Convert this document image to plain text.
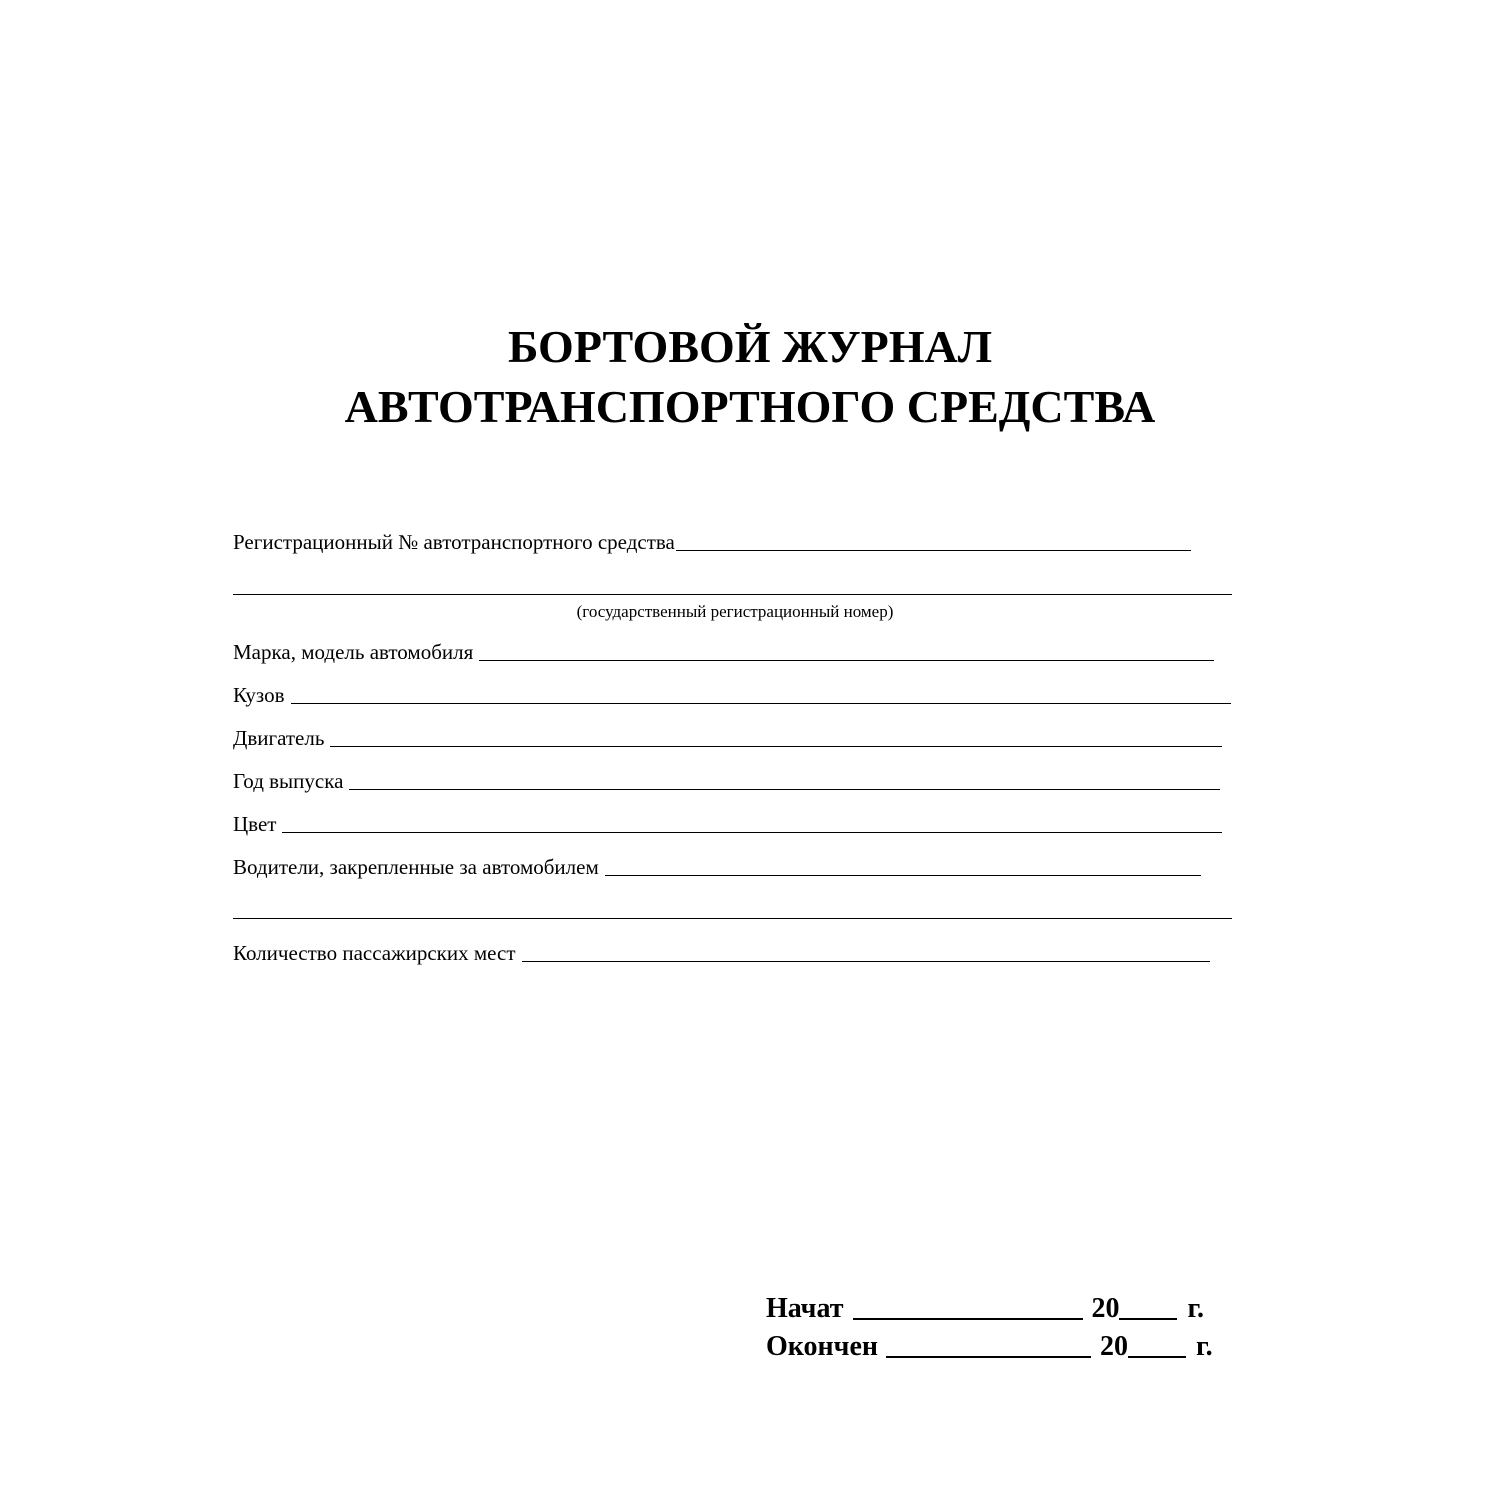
БОРТОВОЙ ЖУРНАЛ
АВТОТРАНСПОРТНОГО СРЕДСТВА
Регистрационный № автотранспортного средства
(государственный регистрационный номер)
Марка, модель автомобиля
Кузов
Двигатель
Год выпуска
Цвет
Водители, закрепленные за автомобилем
Количество пассажирских мест
Начат	20 г.
Окончен	20 г.
